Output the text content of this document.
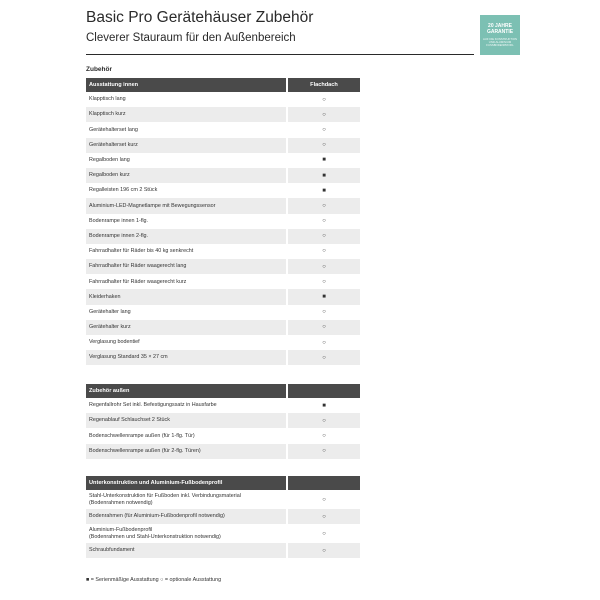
Basic Pro Gerätehäuser Zubehör
Cleverer Stauraum für den Außenbereich
20 JAHRE
GARANTIE
AUF DIE KONSTRUKTION UND ALUMINIUM FUSSBODENPROFIL
Zubehör
Ausstattung innen	Flachdach
Klapptisch lang	○
Klapptisch kurz	○
Gerätehalterset lang	○
Gerätehalterset kurz	○
Regalboden lang	■
Regalboden kurz	■
Regalleisten 196 cm 2 Stück	■
Aluminium-LED-Magnetlampe mit Bewegungssensor	○
Bodenrampe innen 1-flg.	○
Bodenrampe innen 2-flg.	○
Fahrradhalter für Räder bis 40 kg senkrecht	○
Fahrradhalter für Räder waagerecht lang	○
Fahrradhalter für Räder waagerecht kurz	○
Kleiderhaken	■
Gerätehalter lang	○
Gerätehalter kurz	○
Verglasung bodentief	○
Verglasung Standard 35 × 27 cm	○
Zubehör außen
Regenfallrohr Set inkl. Befestigungssatz in Hausfarbe	■
Regenablauf Schlauchset 2 Stück	○
Bodenschwellenrampe außen (für 1-flg. Tür)	○
Bodenschwellenrampe außen (für 2-flg. Türen)	○
Unterkonstruktion und Aluminium-Fußbodenprofil
Stahl-Unterkonstruktion für Fußboden inkl. Verbindungsmaterial
(Bodenrahmen notwendig)	○
Bodenrahmen (für Aluminium-Fußbodenprofil notwendig)	○
Aluminium-Fußbodenprofil
(Bodenrahmen und Stahl-Unterkonstruktion notwendig)	○
Schraubfundament	○
■ = Serienmäßige Ausstattung ○ = optionale Ausstattung
